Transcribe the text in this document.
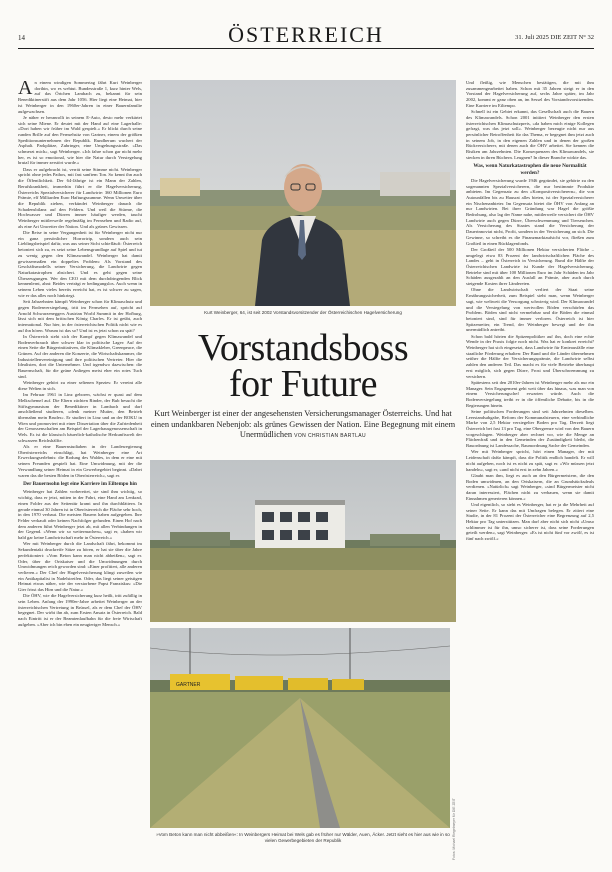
14	ÖSTERREICH	31. Juli 2025 DIE ZEIT N° 32

An einem windigen Sommertag fährt Kurt Weinberger dorthin, wo es wehtut. Bundesstraße 1, kurz hinter Wels, auf das Örtchen Lambach zu, bekannt für sein Benediktinerstift aus dem Jahr 1056. Hier liegt eine Heimat, hier ist Weinberger in den 1960er-Jahren in einer Bauernfamilie aufgewachsen.

Je näher er heranrollt in seinem E-Auto, desto mehr verkärtet sich seine Miene. Er deutet mit der Hand auf eine Lagerhalle: »Dort haben wir früher im Wald gespielt.« Er blickt durch seine runden Brille auf den Fernsehsitz von Gartner, einem der größten Speditionsunternehmen der Republik. Rundherum wuchert der Asphalt. Parkplätze, Zubringer, eine Umgehungsstraße. »Das schmerzt mich«, sagt Weinberger. »Ich fahre schon gar nicht mehr her, es ist so emotional, wie hier die Natur durch Versiegelung brutal für immer zerstört wurde.«

Dass er aufgebracht ist, verrät seine Stimme nicht. Weinberger spricht ohne jedes Pathos, mit fast sanftem Ton. So kennt ihn auch die Öffentlichkeit. Der 64-Jährige ist ein Mann der Zahlen, Berufskrankheit, immerhin führt er die Hagelversicherung, Österreichs Spezialversicherer für Landwirte: 360 Millionen Euro Prämie, elf Milliarden Euro Haftungssumme. Wenn Unwetter über die Republik ziehen, verkündet Weinberger danach die Schadensbilanz auf den Feldern. Und weil die Stürme, die Hochwasser und Dürren immer häufiger werden, taucht Weinberger mittlerweile regelmäßig im Fernsehen und Radio auf, als eine Art Unwetter der Nation. Und als grünes Gewissen.

Die Reise in seine Vergangenheit ist für Weinberger nicht nur ein ganz persönlicher Horrortrip, sondern auch sein Lieblingsbeispiel dafür, was aus seiner Sicht schiefläuft: Österreich betoniert sich zu, es setzt seine Lebensgrundlage auf Spiel und tut zu wenig gegen den Klimawandel. Weinberger hat damit gewissermaßen ein doppeltes Problem: Als Vorstand des Geschäftsmodells seiner Versicherung, die Landwirte gegen Naturkatastrophen absichert. Und es geht gegen seine Überzeugungen. Wer den CEO mit dem durchdringenden Blick kennenlernt, ahnt: Beides verträgt er bedingungslos. Auch wenn in seinem Leben vieles bereits erreicht hat, es ist schwer zu sagen, wie er das alles noch hinkriegt.

Seit Jahrzehnten kämpft Weinberger schon für Klimaschutz und gegen Bodenversiegelung, tritt im Fernsehen auf, spricht auf Arnold Schwarzeneggers Austrian World Summit in der Hofburg, lässt sich mit dem britischen König Charles. Er ist geübt, auch international. Nur hier, in der österreichischen Politik nicht wie es auf ihn hören. Warum ist das so? Und ist es jetzt schon zu spät?

In Österreich steht sich der Kampf gegen Klimawandel und Bodenverbrauch über schwer klar in politische Lager: Auf der einen Seite die Bürgerinitiativen, die Klimakleber, Greenpeace, die Grünen. Auf der anderen die Konzerte, die Wirtschaftskammer, die Industriellenvereinigung und ihre politischen Vertreter. Hier die Idealisten, dort die Unternehmer. Und irgendwo dazwischen: die Bauernschaft, für die grüne Anliegen meist eher ein rotes Tuch sind.

Weinberger gehört zu einer seltenen Spezies: Er vereint alle diese Welten in sich.

Im Februar 1961 in Linz geboren, wächst er quasi auf dem Melkschemel auf. Die Eltern züchten Rinder, der Bub besucht die Stiftsgymnasium der Benediktiner in Lambach und darf anschließend studieren, »denk meiner Mutter, den Betrieb übernahm mein Bruder«. Er studiert in Linz und an der BOKU in Wien und promoviert mit einer Dissertation über die Zufriedenheit der Genossenschaften am Beispiel der Lagerhausgenossenschaft in Wels. Es ist die klassisch bäuerlich-katholische Herkunftswelt der schwarzen Reichshälfte.

Als er eine Bauernstudiaben in der Landesregierung Oberösterreichs einschlägt, hat Weinberger eine Art Erweckungserlebnis: die Rodung des Waldes, in dem er eine mit seinen Freunden gespielt hat. Eine Umwidmung, mit der die Verwandlung seiner Heimat in ein Gewerbegebiet beginnt. »Dabei waren das die besten Böden in Oberösterreich«, sagt er.

Der Bauernsohn legt eine Karriere im Eiltempo hin

Weinberger hat Zahlen vorbereitet, sie sind ihm wichtig, so wichtig, dass er jetzt, mitten in der Fahrt, eine Hand am Lenkrad, einen Folder aus der Seitentür kramt und ihn durchblättern. In gerade einmal 30 Jahren ist in Oberösterreich die Fläche sehr hoch, in den 1970 verbaut. Die meisten Bauern haben aufgegeben. Ihre Felder verkauft oder keinen Nachfolger gefunden. Einen Hof nach dem anderen führt Weinberger jetzt ab, mit allen Verbindungen in der Gegend. »Wenn wir so weitermachen«, sagt er, »haben wir bald gar keine Landwirtschaft mehr in Österreich.«

Wer mit Weinberger durch die Landschaft fährt, bekommt im Sekundentakt druckreife Sätze zu hören, er hat sie über die Jahre perfektioniert: »Vom Beton kann man nicht abbeißen«, sagt er. Oder, über die Ortskaiser und die Umwidmungen durch Umwidmungen reich geworden sind: »Einer profitiert, alle anderen verlieren.« Der Chef der Hagelversicherung klingt zuweilen wie ein Antikapitalist in Nadelstreifen. Oder, das liegt seiner geistigen Heimat etwas näher, wie der verstorbene Papst Franziskus: »Die Gier frisst das Hirn und die Natur.«

Die ÖHV, wie die Hagelversicherung kurz heißt, tritt zufällig in sein Leben. Anfang der 1990er-Jahre arbeitet Weinberger an der österreichischen Vertretung in Brüssel, als er dem Chef der ÖHV begegnet. Der wirbt ihn ab, zum Ersten Ansatz in Österreich. Bald nach Eintritt ist er der Beamtenlaufbahn für die freie Wirtschaft aufgeben. »Aber ich bin eben ein neugieriger Mensch.«

Und fleißig, wie Menschen bestätigen, die mit ihm zusammengearbeitet haben. Schon mit 35 Jahren steigt er in den Vorstand der Hagelversicherung auf, sechs Jahre später, im Jahr 2002, kommt er ganz oben an, im Sessel des Vorstandsvorsitzenden. Eine Karriere im Eiltempo.

Schnell ist ein Gebiet erkannt, das Gesellschaft auch die Bauern des Klimawandels. Schon 2001 initiiert Weinberger den ersten österreichischen Klimaschutzpreis, »da haben mich einige Kollegen gefragt, was das jetzt soll«. Weinberger bezeugte nicht nur aus persönlicher Betroffenheit für das Thema, er begegnet ihm jetzt auch in seinem Job, in den eigenen Zahlen und in denen der großen Rückversicherer, mit denen auch die ÖHV arbeitet. Sie kennen die Risiken am Jahrzehnten. Die Konsequenzen des Klimawandels, sie stecken in ihren Büchern. Leugnen? In dieser Branche wirkte das.

Was, wenn Naturkatastrophen die neue Normalität werden?

Die Hagelversicherung wurde 1946 gegründet, sie gehörte zu den sogenannten Spezialversicherern, die nur bestimmte Produkte anbieten. Im Gegensatz zu den »Kompositversicherern«, die von Autounfällen bis zu Hausrat alles bieten, ist der Spezialversicherer ein Nischenanbieter. Im Gegensatz bietet die ÖHV von Anfang an nur Landwirten. Bei ihrer Gründung war Hagel die größte Bedrohung, also lag der Name nahe, mittlerweile versichert die ÖHV Landwirte auch gegen Dürre, Überschwemmung und Tierseuchen. Als Versicherung des Staates stand die Versicherung der Dauerinnoviat nicht, Profit, sondern in der Versicherung an sich. Die Gewinne, so schreibt es die Finanzmarktaufsicht vor, fließen zum Großteil in einen Rücklagenfonds.

Der Großteil der 500 Millionen Hektar versicherten Fläche – umgelegt etwa 83 Prozent der landwirtschaftlichen Fläche des Landes – geht in Österreich in Versicherung. Rund die Hälfte der Österreichischen Landwirte ist Kunde der Hagelversicherung. Betriebe sind mit über 100 Millionen Euro im Jahr Schäden im Jahr Schäden ausgezahlt an den Ausfall an Prämie, aber auch durch steigende Kosten ihrer Ländereien.

Ohne die Landwirtschaft verliert der Staat seine Ernährungssicherheit, zum Beispiel sieht man, wenn Weinberger sagt, wie weltweit die Versorgung schwierig wird. Der Klimawandel und die Versiegelung von wertvollen Böden verschärfen das Problem. Böden sind nicht vermehrbar und die Böden die einmal betoniert sind, sind für immer verloren. Österreich ist hier Spitzenreiter, ein Trend, der Weinberger bewegt und der ihn unermüdlich antreibt.

Schon bald hörten die Spitzenpolitiker auf ihn, doch eine echte Wende in der Praxis folgte noch nicht. Was hat er konkret erreicht? Weinberger hat sich eingesetzt, dass Landwirte für Ernteausfälle eine staatliche Förderung erhalten: Der Bund und die Länder übernehmen seither die Hälfte der Versicherungsprämie, die Landwirte selbst zahlen den anderen Teil. Das macht es für viele Betriebe überhaupt erst möglich, sich gegen Dürre, Frost und Überschwemmung zu versichern.

Spätestens seit den 2010er-Jahren ist Weinberger mehr als nur ein Manager. Sein Engagement geht weit über das hinaus, was man von einem Versicherungschef erwarten würde. Auch die Bodenversiegelung treibt er in die öffentliche Debatte, bis in die Regierungen hinein.

Seine politischen Forderungen sind seit Jahrzehnten dieselben. Leerstandsabgabe, Reform der Kommunalsteuern, eine verbindliche Marke von 2,5 Hektar versiegelter Boden pro Tag. Derzeit liegt Österreich bei fast 13 pro Tag, eine Obergrenze wird von den Bauern vorgeschlagen. Weinberger aber rechnet vor, wie die Menge an Flächenfraß und in den Gemeinden der Zuständigkeit bleibt, die Bauordnung ist Landessache, Raumordnung Sache der Gemeinden.

Wer mit Weinberger spricht, hört einen Manager, der mit Leidenschaft dafür kämpft, dass die Politik endlich handelt. Er will nicht aufgeben, noch ist es nicht zu spät, sagt er. »Wir müssen jetzt handeln«, sagt er, »und nicht erst in zehn Jahren.«

Glaubt man ihm, liegt es auch an den Bürgermeistern, die den Boden umwidmen, an den Ortskaisern, die an Grundstücksdeals verdienen. »Natürlich« sagt Weinberger, »sind Bürgermeister nicht daran interessiert, Flächen nicht zu verbauen, wenn sie damit Einnahmen generieren können.«

Und eigentlich, so sieht es Weinberger, hat er ja die Mehrheit auf seiner Seite. Er kann das mit Umfragen belegen. Er zitiert eine Studie, in der 81 Prozent der Österreicher eine Begrenzung auf 2,5 Hektar pro Tag unterstützen. Man darf aber nicht sich nicht »Umso schlimmer ist für ihn, umso sicherer ist, dass seine Forderungen geteilt werden«, sagt Weinberger. »Es ist nicht fünf vor zwölf, es ist fünf nach zwölf.«

Kurt Weinberger, 64, ist seit 2002 Vorstandsvorsitzender der Österreichischen Hagelversicherung
Vorstandsboss
for Future
Kurt Weinberger ist einer der angesehensten Versicherungsmanager Österreichs. Und hat einen undankbaren Nebenjob: als grünes Gewissen der Nation. Eine Begegnung mit einem Unermüdlichen VON CHRISTIAN BARTLAU
GARTNER
Fotos: Michael Riegelmeyer für DIE ZEIT
»Vom Beton kann man nicht abbeißen«: In Weinbergers Heimat bei Wels gab es früher nur Wälder, Auen, Äcker. Jetzt sieht es hier aus wie in so vielen Gewerbegebieten der Republik
